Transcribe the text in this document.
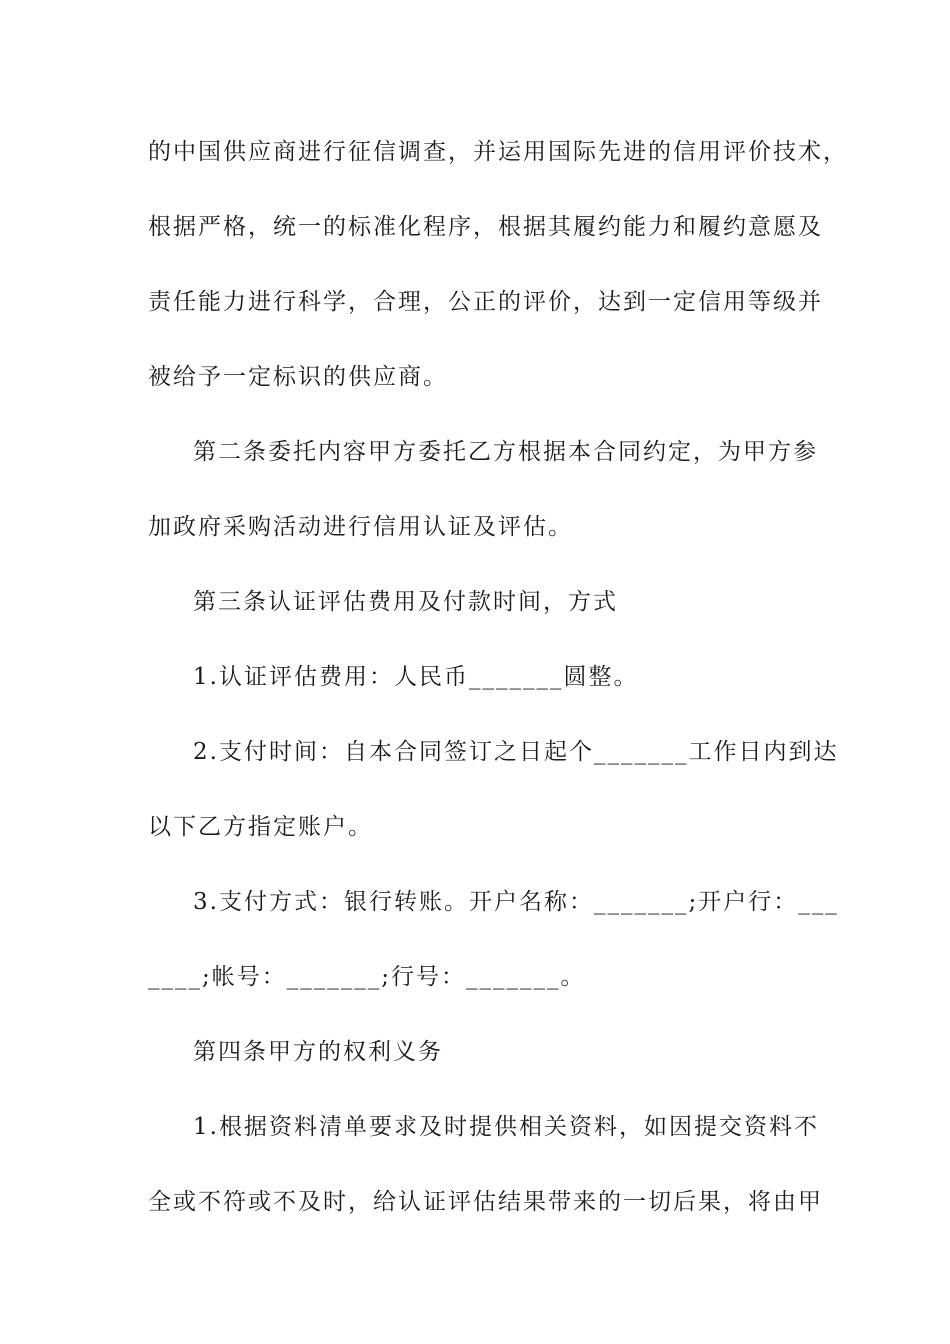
的中国供应商进行征信调查，并运用国际先进的信用评价技术，
根据严格，统一的标准化程序，根据其履约能力和履约意愿及
责任能力进行科学，合理，公正的评价，达到一定信用等级并
被给予一定标识的供应商。
第二条委托内容甲方委托乙方根据本合同约定，为甲方参
加政府采购活动进行信用认证及评估。
第三条认证评估费用及付款时间，方式
1.认证评估费用：人民币_______圆整。
2.支付时间：自本合同签订之日起个_______工作日内到达
以下乙方指定账户。
3.支付方式：银行转账。开户名称：_______;开户行：___
____;帐号：_______;行号：_______。
第四条甲方的权利义务
1.根据资料清单要求及时提供相关资料，如因提交资料不
全或不符或不及时，给认证评估结果带来的一切后果，将由甲
